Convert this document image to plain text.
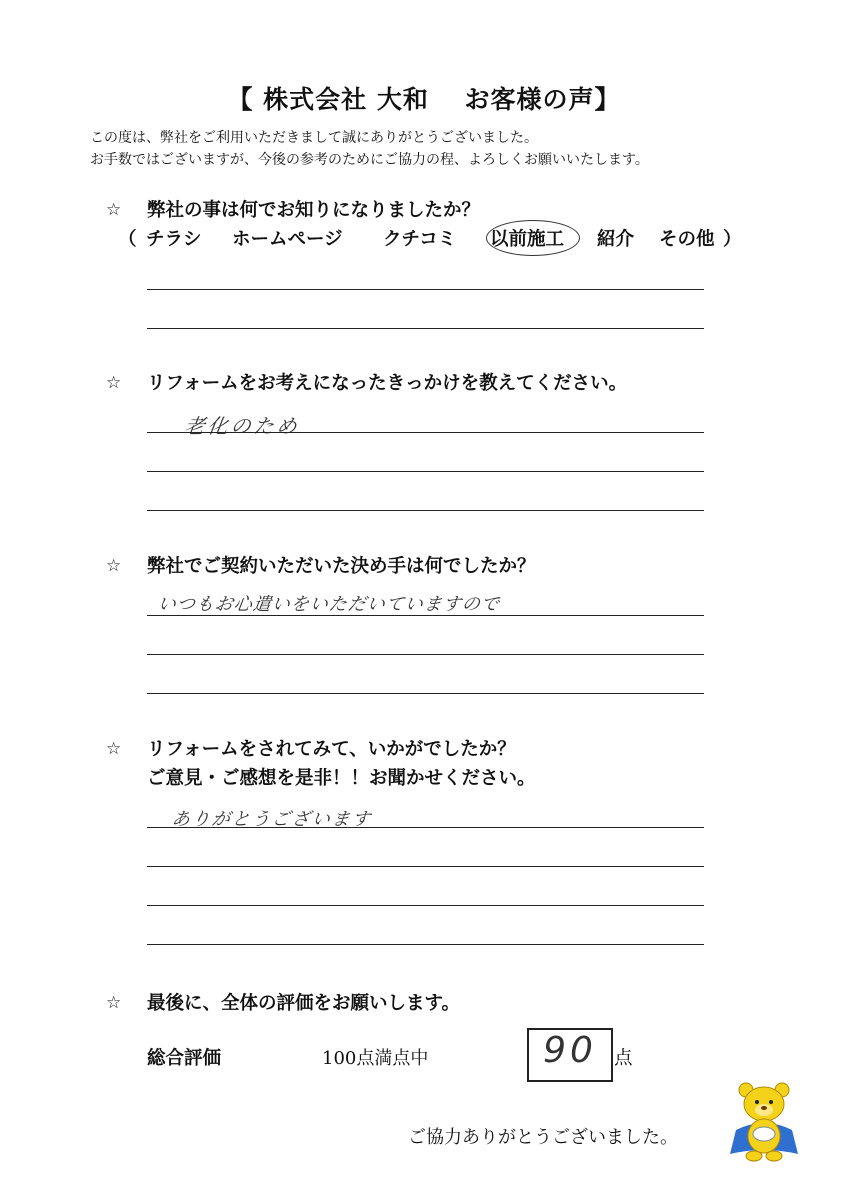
【 株式会社 大和　 お客様の声】
この度は、弊社をご利用いただきまして誠にありがとうございました。
お手数ではございますが、今後の参考のためにご協力の程、よろしくお願いいたします。
☆ 弊社の事は何でお知りになりましたか？
（ チラシ ホームページ クチコミ 以前施工 紹介 その他 ）
☆ リフォームをお考えになったきっかけを教えてください。
老化のため
☆ 弊社でご契約いただいた決め手は何でしたか？
いつもお心遣いをいただいていますので
☆ リフォームをされてみて、いかがでしたか？
ご意見・ご感想を是非！！お聞かせください。
ありがとうございます
☆ 最後に、全体の評価をお願いします。
総合評価	100点満点中	90 点
ご協力ありがとうございました。
